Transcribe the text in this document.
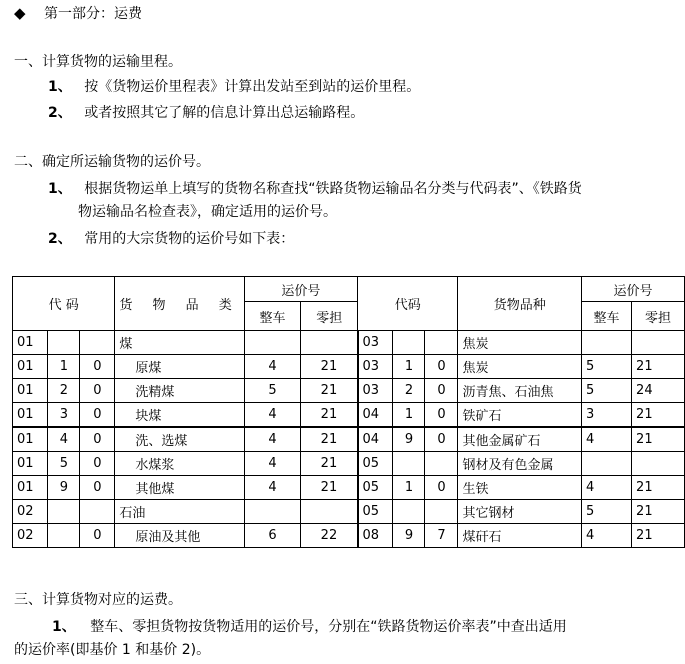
◆ 第一部分：运费
一、计算货物的运输里程。
1、 按《货物运价里程表》计算出发站至到站的运价里程。
2、 或者按照其它了解的信息计算出总运输路程。
二、确定所运输货物的运价号。
1、 根据货物运单上填写的货物名称查找“铁路货物运输品名分类与代码表”、《铁路货
物运输品名检查表》，确定适用的运价号。
2、 常用的大宗货物的运价号如下表：
代 码			货 物 品 类	运价号		代码			货物品种	运价号	
				整车	零担					整车	零担
01			煤			03			焦炭		
01	1	0	原煤	4	21	03	1	0	焦炭	5	21
01	2	0	洗精煤	5	21	03	2	0	沥青焦、石油焦	5	24
01	3	0	块煤	4	21	04	1	0	铁矿石	3	21
01	4	0	洗、选煤	4	21	04	9	0	其他金属矿石	4	21
01	5	0	水煤浆	4	21	05			钢材及有色金属		
01	9	0	其他煤	4	21	05	1	0	生铁	4	21
02			石油			05			其它钢材	5	21
02		0	原油及其他	6	22	08	9	7	煤矸石	4	21
三、计算货物对应的运费。
1、 整车、零担货物按货物适用的运价号，分别在“铁路货物运价率表”中查出适用
的运价率(即基价 1 和基价 2)。
